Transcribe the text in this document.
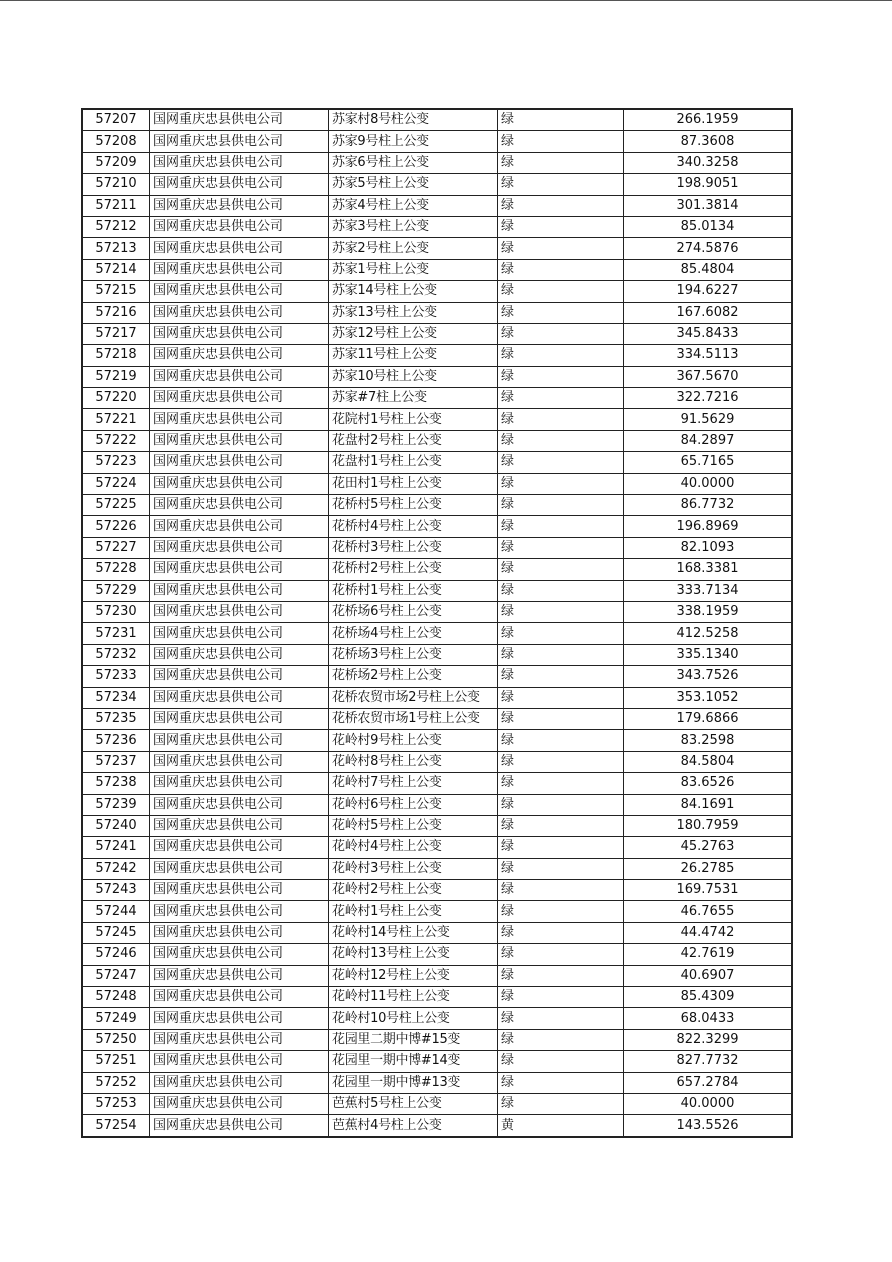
57207	国网重庆忠县供电公司	苏家村8号柱公变	绿	266.1959
57208	国网重庆忠县供电公司	苏家9号柱上公变	绿	87.3608
57209	国网重庆忠县供电公司	苏家6号柱上公变	绿	340.3258
57210	国网重庆忠县供电公司	苏家5号柱上公变	绿	198.9051
57211	国网重庆忠县供电公司	苏家4号柱上公变	绿	301.3814
57212	国网重庆忠县供电公司	苏家3号柱上公变	绿	85.0134
57213	国网重庆忠县供电公司	苏家2号柱上公变	绿	274.5876
57214	国网重庆忠县供电公司	苏家1号柱上公变	绿	85.4804
57215	国网重庆忠县供电公司	苏家14号柱上公变	绿	194.6227
57216	国网重庆忠县供电公司	苏家13号柱上公变	绿	167.6082
57217	国网重庆忠县供电公司	苏家12号柱上公变	绿	345.8433
57218	国网重庆忠县供电公司	苏家11号柱上公变	绿	334.5113
57219	国网重庆忠县供电公司	苏家10号柱上公变	绿	367.5670
57220	国网重庆忠县供电公司	苏家#7柱上公变	绿	322.7216
57221	国网重庆忠县供电公司	花院村1号柱上公变	绿	91.5629
57222	国网重庆忠县供电公司	花盘村2号柱上公变	绿	84.2897
57223	国网重庆忠县供电公司	花盘村1号柱上公变	绿	65.7165
57224	国网重庆忠县供电公司	花田村1号柱上公变	绿	40.0000
57225	国网重庆忠县供电公司	花桥村5号柱上公变	绿	86.7732
57226	国网重庆忠县供电公司	花桥村4号柱上公变	绿	196.8969
57227	国网重庆忠县供电公司	花桥村3号柱上公变	绿	82.1093
57228	国网重庆忠县供电公司	花桥村2号柱上公变	绿	168.3381
57229	国网重庆忠县供电公司	花桥村1号柱上公变	绿	333.7134
57230	国网重庆忠县供电公司	花桥场6号柱上公变	绿	338.1959
57231	国网重庆忠县供电公司	花桥场4号柱上公变	绿	412.5258
57232	国网重庆忠县供电公司	花桥场3号柱上公变	绿	335.1340
57233	国网重庆忠县供电公司	花桥场2号柱上公变	绿	343.7526
57234	国网重庆忠县供电公司	花桥农贸市场2号柱上公变	绿	353.1052
57235	国网重庆忠县供电公司	花桥农贸市场1号柱上公变	绿	179.6866
57236	国网重庆忠县供电公司	花岭村9号柱上公变	绿	83.2598
57237	国网重庆忠县供电公司	花岭村8号柱上公变	绿	84.5804
57238	国网重庆忠县供电公司	花岭村7号柱上公变	绿	83.6526
57239	国网重庆忠县供电公司	花岭村6号柱上公变	绿	84.1691
57240	国网重庆忠县供电公司	花岭村5号柱上公变	绿	180.7959
57241	国网重庆忠县供电公司	花岭村4号柱上公变	绿	45.2763
57242	国网重庆忠县供电公司	花岭村3号柱上公变	绿	26.2785
57243	国网重庆忠县供电公司	花岭村2号柱上公变	绿	169.7531
57244	国网重庆忠县供电公司	花岭村1号柱上公变	绿	46.7655
57245	国网重庆忠县供电公司	花岭村14号柱上公变	绿	44.4742
57246	国网重庆忠县供电公司	花岭村13号柱上公变	绿	42.7619
57247	国网重庆忠县供电公司	花岭村12号柱上公变	绿	40.6907
57248	国网重庆忠县供电公司	花岭村11号柱上公变	绿	85.4309
57249	国网重庆忠县供电公司	花岭村10号柱上公变	绿	68.0433
57250	国网重庆忠县供电公司	花园里二期中博#15变	绿	822.3299
57251	国网重庆忠县供电公司	花园里一期中博#14变	绿	827.7732
57252	国网重庆忠县供电公司	花园里一期中博#13变	绿	657.2784
57253	国网重庆忠县供电公司	芭蕉村5号柱上公变	绿	40.0000
57254	国网重庆忠县供电公司	芭蕉村4号柱上公变	黄	143.5526
